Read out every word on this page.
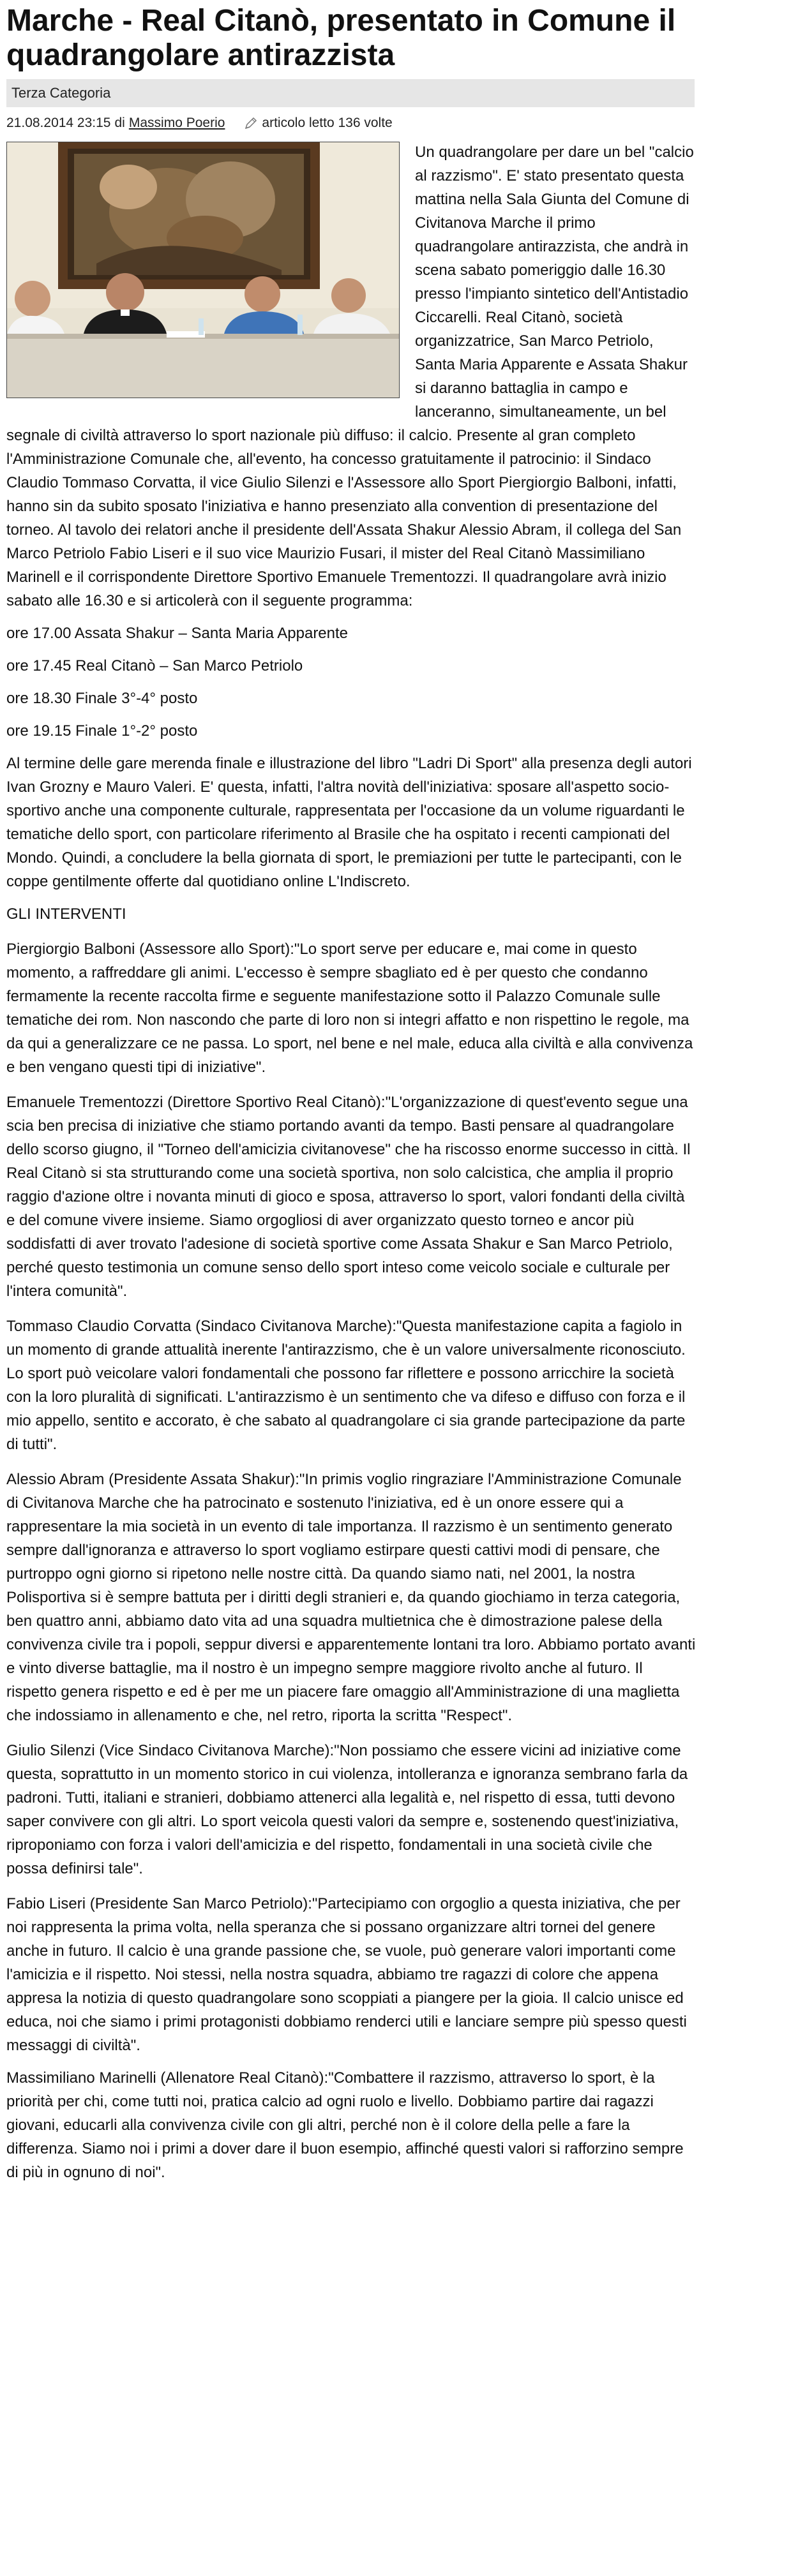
Marche - Real Citanò, presentato in Comune il quadrangolare antirazzista
Terza Categoria
21.08.2014 23:15 di Massimo Poerio	articolo letto 136 volte

Un quadrangolare per dare un bel "calcio al razzismo". E' stato presentato questa mattina nella Sala Giunta del Comune di Civitanova Marche il primo quadrangolare antirazzista, che andrà in scena sabato pomeriggio dalle 16.30 presso l'impianto sintetico dell'Antistadio Ciccarelli. Real Citanò, società organizzatrice, San Marco Petriolo, Santa Maria Apparente e Assata Shakur si daranno battaglia in campo e lanceranno, simultaneamente, un bel segnale di civiltà attraverso lo sport nazionale più diffuso: il calcio. Presente al gran completo l'Amministrazione Comunale che, all'evento, ha concesso gratuitamente il patrocinio: il Sindaco Claudio Tommaso Corvatta, il vice Giulio Silenzi e l'Assessore allo Sport Piergiorgio Balboni, infatti, hanno sin da subito sposato l'iniziativa e hanno presenziato alla convention di presentazione del torneo. Al tavolo dei relatori anche il presidente dell'Assata Shakur Alessio Abram, il collega del San Marco Petriolo Fabio Liseri e il suo vice Maurizio Fusari, il mister del Real Citanò Massimiliano Marinell e il corrispondente Direttore Sportivo Emanuele Trementozzi. Il quadrangolare avrà inizio sabato alle 16.30 e si articolerà con il seguente programma:

ore 17.00 Assata Shakur – Santa Maria Apparente

ore 17.45 Real Citanò – San Marco Petriolo

ore 18.30 Finale 3°-4° posto

ore 19.15 Finale 1°-2° posto

Al termine delle gare merenda finale e illustrazione del libro "Ladri Di Sport" alla presenza degli autori Ivan Grozny e Mauro Valeri. E' questa, infatti, l'altra novità dell'iniziativa: sposare all'aspetto socio-sportivo anche una componente culturale, rappresentata per l'occasione da un volume riguardanti le tematiche dello sport, con particolare riferimento al Brasile che ha ospitato i recenti campionati del Mondo. Quindi, a concludere la bella giornata di sport, le premiazioni per tutte le partecipanti, con le coppe gentilmente offerte dal quotidiano online L'Indiscreto.

GLI INTERVENTI

Piergiorgio Balboni (Assessore allo Sport):"Lo sport serve per educare e, mai come in questo momento, a raffreddare gli animi. L'eccesso è sempre sbagliato ed è per questo che condanno fermamente la recente raccolta firme e seguente manifestazione sotto il Palazzo Comunale sulle tematiche dei rom. Non nascondo che parte di loro non si integri affatto e non rispettino le regole, ma da qui a generalizzare ce ne passa. Lo sport, nel bene e nel male, educa alla civiltà e alla convivenza e ben vengano questi tipi di iniziative".

Emanuele Trementozzi (Direttore Sportivo Real Citanò):"L'organizzazione di quest'evento segue una scia ben precisa di iniziative che stiamo portando avanti da tempo. Basti pensare al quadrangolare dello scorso giugno, il "Torneo dell'amicizia civitanovese" che ha riscosso enorme successo in città. Il Real Citanò si sta strutturando come una società sportiva, non solo calcistica, che amplia il proprio raggio d'azione oltre i novanta minuti di gioco e sposa, attraverso lo sport, valori fondanti della civiltà e del comune vivere insieme. Siamo orgogliosi di aver organizzato questo torneo e ancor più soddisfatti di aver trovato l'adesione di società sportive come Assata Shakur e San Marco Petriolo, perché questo testimonia un comune senso dello sport inteso come veicolo sociale e culturale per l'intera comunità".

Tommaso Claudio Corvatta (Sindaco Civitanova Marche):"Questa manifestazione capita a fagiolo in un momento di grande attualità inerente l'antirazzismo, che è un valore universalmente riconosciuto. Lo sport può veicolare valori fondamentali che possono far riflettere e possono arricchire la società con la loro pluralità di significati. L'antirazzismo è un sentimento che va difeso e diffuso con forza e il mio appello, sentito e accorato, è che sabato al quadrangolare ci sia grande partecipazione da parte di tutti".

Alessio Abram (Presidente Assata Shakur):"In primis voglio ringraziare l'Amministrazione Comunale di Civitanova Marche che ha patrocinato e sostenuto l'iniziativa, ed è un onore essere qui a rappresentare la mia società in un evento di tale importanza. Il razzismo è un sentimento generato sempre dall'ignoranza e attraverso lo sport vogliamo estirpare questi cattivi modi di pensare, che purtroppo ogni giorno si ripetono nelle nostre città. Da quando siamo nati, nel 2001, la nostra Polisportiva si è sempre battuta per i diritti degli stranieri e, da quando giochiamo in terza categoria, ben quattro anni, abbiamo dato vita ad una squadra multietnica che è dimostrazione palese della convivenza civile tra i popoli, seppur diversi e apparentemente lontani tra loro. Abbiamo portato avanti e vinto diverse battaglie, ma il nostro è un impegno sempre maggiore rivolto anche al futuro. Il rispetto genera rispetto e ed è per me un piacere fare omaggio all'Amministrazione di una maglietta che indossiamo in allenamento e che, nel retro, riporta la scritta "Respect".

Giulio Silenzi (Vice Sindaco Civitanova Marche):"Non possiamo che essere vicini ad iniziative come questa, soprattutto in un momento storico in cui violenza, intolleranza e ignoranza sembrano farla da padroni. Tutti, italiani e stranieri, dobbiamo attenerci alla legalità e, nel rispetto di essa, tutti devono saper convivere con gli altri. Lo sport veicola questi valori da sempre e, sostenendo quest'iniziativa, riproponiamo con forza i valori dell'amicizia e del rispetto, fondamentali in una società civile che possa definirsi tale".

Fabio Liseri (Presidente San Marco Petriolo):"Partecipiamo con orgoglio a questa iniziativa, che per noi rappresenta la prima volta, nella speranza che si possano organizzare altri tornei del genere anche in futuro. Il calcio è una grande passione che, se vuole, può generare valori importanti come l'amicizia e il rispetto. Noi stessi, nella nostra squadra, abbiamo tre ragazzi di colore che appena appresa la notizia di questo quadrangolare sono scoppiati a piangere per la gioia. Il calcio unisce ed educa, noi che siamo i primi protagonisti dobbiamo renderci utili e lanciare sempre più spesso questi messaggi di civiltà".

Massimiliano Marinelli (Allenatore Real Citanò):"Combattere il razzismo, attraverso lo sport, è la priorità per chi, come tutti noi, pratica calcio ad ogni ruolo e livello. Dobbiamo partire dai ragazzi giovani, educarli alla convivenza civile con gli altri, perché non è il colore della pelle a fare la differenza. Siamo noi i primi a dover dare il buon esempio, affinché questi valori si rafforzino sempre di più in ognuno di noi".
